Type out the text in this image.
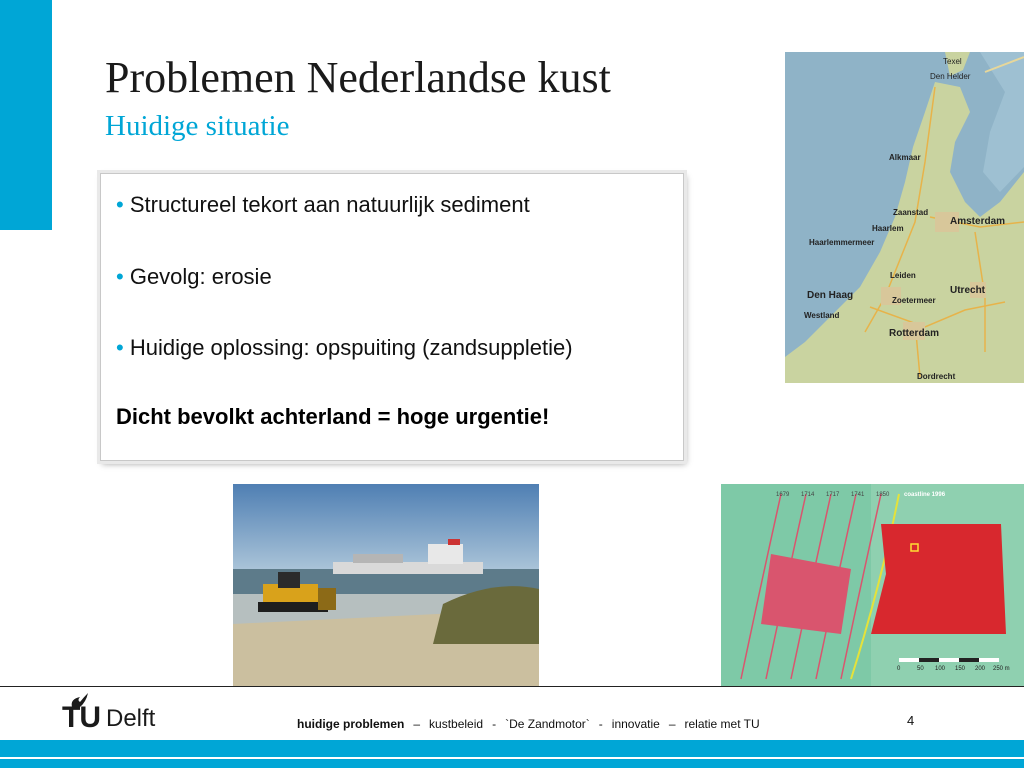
Problemen Nederlandse kust
Huidige situatie
• Structureel tekort aan natuurlijk sediment
• Gevolg: erosie
• Huidige oplossing: opspuiting (zandsuppletie)
Dicht bevolkt achterland = hoge urgentie!
Texel
Den Helder
Alkmaar
Zaanstad
Amsterdam
Haarlem
Haarlemmermeer
Leiden
Utrecht
Den Haag	Zoetermeer
Westland
Rotterdam
Dordrecht
1679 1714 1717 1741 1850 coastline 1996
0	50 100 150 200 250 m
TU Delft	huidige problemen – kustbeleid - `De Zandmotor` - innovatie – relatie met TU	4
